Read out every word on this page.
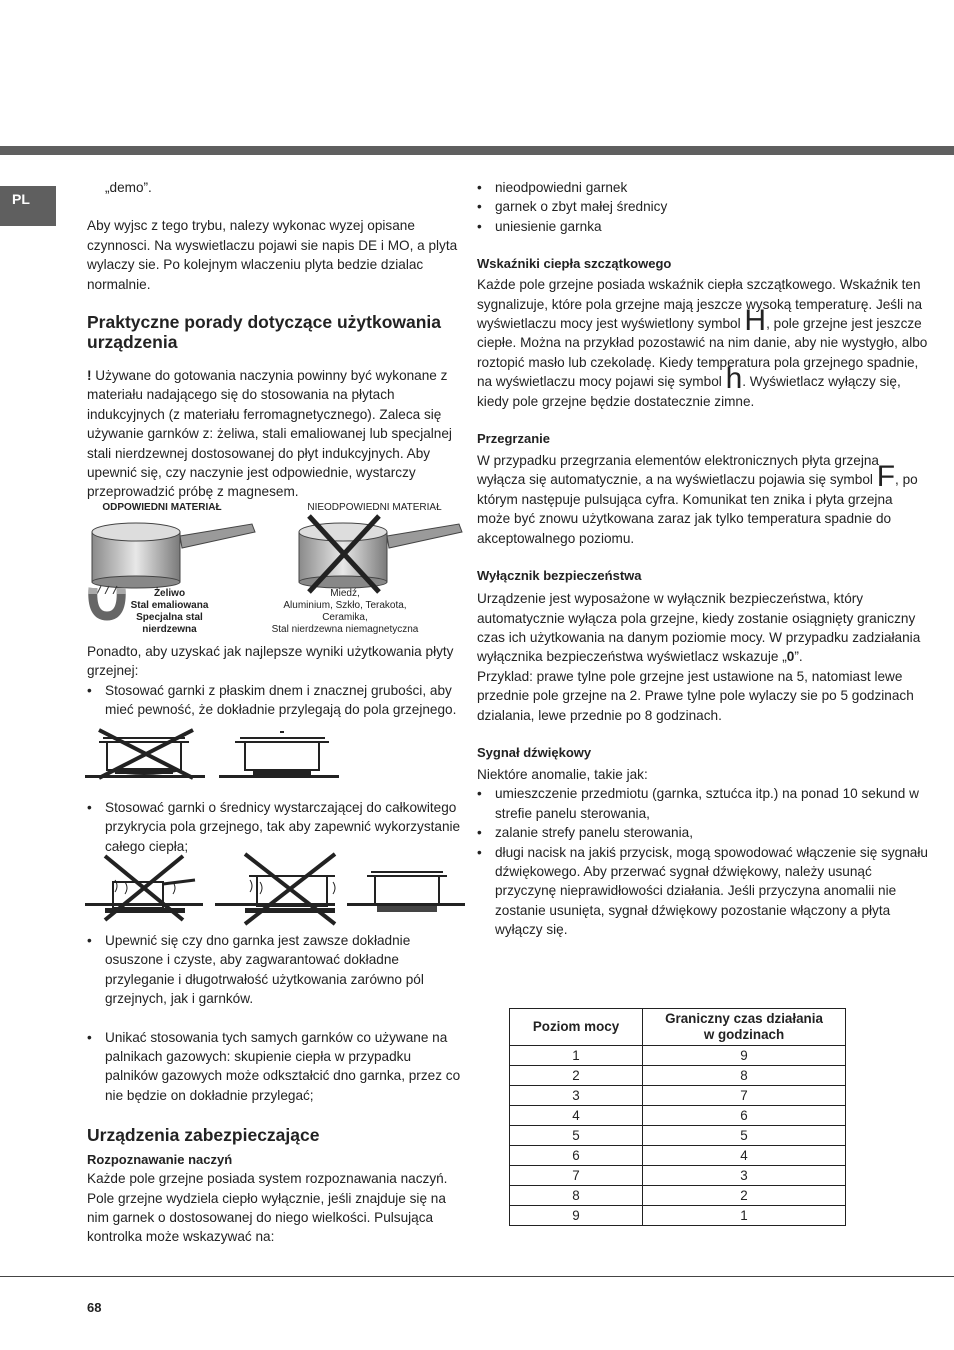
PL

„demo”.

Aby wyjsc z tego trybu, nalezy wykonac wyzej opisane czynnosci. Na wyswietlaczu pojawi sie napis DE i MO, a plyta wylaczy sie. Po kolejnym wlaczeniu plyta bedzie dzialac normalnie.

Praktyczne porady dotyczące użytkowania urządzenia

! Używane do gotowania naczynia powinny być wykonane z materiału nadającego się do stosowania na płytach indukcyjnych (z materiału ferromagnetycznego). Zaleca się używanie garnków z: żeliwa, stali emaliowanej lub specjalnej stali nierdzewnej dostosowanej do płyt indukcyjnych. Aby upewnić się, czy naczynie jest odpowiednie, wystarczy przeprowadzić próbę z magnesem.

ODPOWIEDNI MATERIAŁ	NIEODPOWIEDNI MATERIAŁ
Żeliwo
Stal emaliowana
Specjalna stal
nierdzewna
Miedź,
Aluminium, Szkło, Terakota,
Ceramika,
Stal nierdzewna niemagnetyczna

Ponadto, aby uzyskać jak najlepsze wyniki użytkowania płyty grzejnej:

• Stosować garnki z płaskim dnem i znacznej grubości, aby mieć pewność, że dokładnie przylegają do pola grzejnego.
• Stosować garnki o średnicy wystarczającej do całkowitego przykrycia pola grzejnego, tak aby zapewnić wykorzystanie całego ciepła;
• Upewnić się czy dno garnka jest zawsze dokładnie osuszone i czyste, aby zagwarantować dokładne przyleganie i długotrwałość użytkowania zarówno pól grzejnych, jak i garnków.
• Unikać stosowania tych samych garnków co używane na palnikach gazowych: skupienie ciepła w przypadku palników gazowych może odkształcić dno garnka, przez co nie będzie on dokładnie przylegać;
Urządzenia zabezpieczające
Rozpoznawanie naczyń

Każde pole grzejne posiada system rozpoznawania naczyń. Pole grzejne wydziela ciepło wyłącznie, jeśli znajduje się na nim garnek o dostosowanej do niego wielkości. Pulsująca kontrolka może wskazywać na:

• nieodpowiedni garnek
• garnek o zbyt małej średnicy
• uniesienie garnka
Wskaźniki ciepła szczątkowego

Każde pole grzejne posiada wskaźnik ciepła szczątkowego. Wskaźnik ten sygnalizuje, które pola grzejne mają jeszcze wysoką temperaturę. Jeśli na wyświetlaczu mocy jest wyświetlony symbol H, pole grzejne jest jeszcze ciepłe. Można na przykład pozostawić na nim danie, aby nie wystygło, albo roztopić masło lub czekoladę. Kiedy temperatura pola grzejnego spadnie, na wyświetlaczu mocy pojawi się symbol h. Wyświetlacz wyłączy się, kiedy pole grzejne będzie dostatecznie zimne.

Przegrzanie

W przypadku przegrzania elementów elektronicznych płyta grzejna wyłącza się automatycznie, a na wyświetlaczu pojawia się symbol F, po którym następuje pulsująca cyfra. Komunikat ten znika i płyta grzejna może być znowu użytkowana zaraz jak tylko temperatura spadnie do akceptowalnego poziomu.

Wyłącznik bezpieczeństwa

Urządzenie jest wyposażone w wyłącznik bezpieczeństwa, który automatycznie wyłącza pola grzejne, kiedy zostanie osiągnięty graniczny czas ich użytkowania na danym poziomie mocy. W przypadku zadziałania wyłącznika bezpieczeństwa wyświetlacz wskazuje „0”.

Przyklad: prawe tylne pole grzejne jest ustawione na 5, natomiast lewe przednie pole grzejne na 2. Prawe tylne pole wylaczy sie po 5 godzinach dzialania, lewe przednie po 8 godzinach.

Sygnał dźwiękowy

Niektóre anomalie, takie jak:

• umieszczenie przedmiotu (garnka, sztućca itp.) na ponad 10 sekund w strefie panelu sterowania,
• zalanie strefy panelu sterowania,
• długi nacisk na jakiś przycisk, mogą spowodować włączenie się sygnału dźwiękowego. Aby przerwać sygnał dźwiękowy, należy usunąć przyczynę nieprawidłowości działania. Jeśli przyczyna anomalii nie zostanie usunięta, sygnał dźwiękowy pozostanie włączony a płyta wyłączy się.
Poziom mocy	Graniczny czas działania
w godzinach

1	9
2	8
3	7
4	6
5	5
6	4
7	3
8	2
9	1
68
